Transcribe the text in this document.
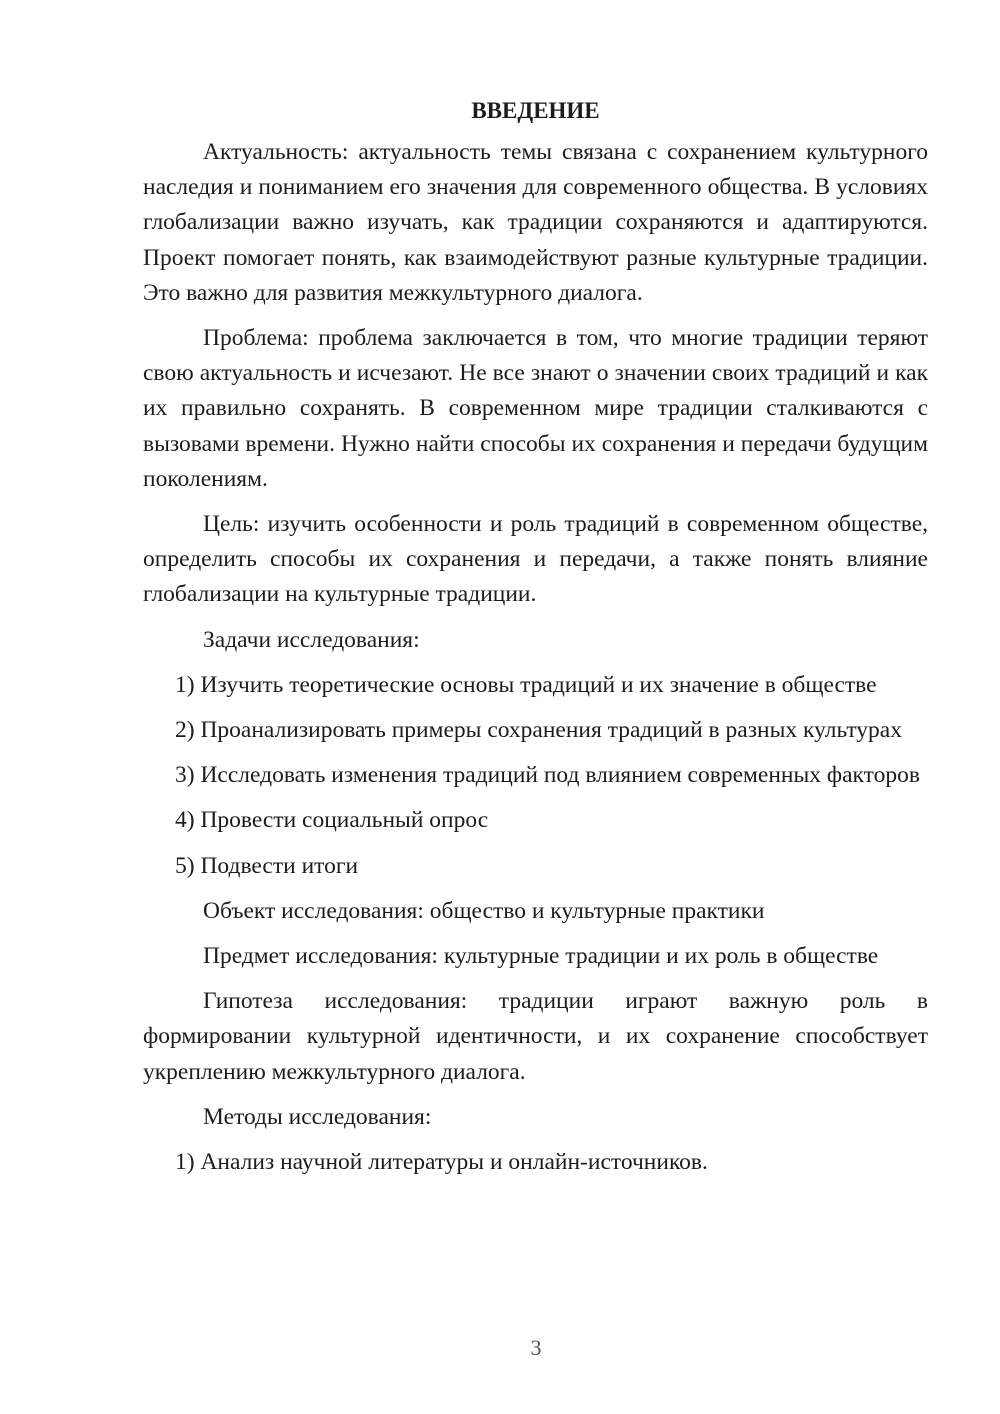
ВВЕДЕНИЕ

Актуальность: актуальность темы связана с сохранением культурного наследия и пониманием его значения для современного общества. В условиях глобализации важно изучать, как традиции сохраняются и адаптируются. Проект помогает понять, как взаимодействуют разные культурные традиции. Это важно для развития межкультурного диалога.

Проблема: проблема заключается в том, что многие традиции теряют свою актуальность и исчезают. Не все знают о значении своих традиций и как их правильно сохранять. В современном мире традиции сталкиваются с вызовами времени. Нужно найти способы их сохранения и передачи будущим поколениям.

Цель: изучить особенности и роль традиций в современном обществе, определить способы их сохранения и передачи, а также понять влияние глобализации на культурные традиции.

Задачи исследования:

1) Изучить теоретические основы традиций и их значение в обществе

2) Проанализировать примеры сохранения традиций в разных культурах

3) Исследовать изменения традиций под влиянием современных факторов

4) Провести социальный опрос

5) Подвести итоги

Объект исследования: общество и культурные практики

Предмет исследования: культурные традиции и их роль в обществе

Гипотеза исследования: традиции играют важную роль в формировании культурной идентичности, и их сохранение способствует укреплению межкультурного диалога.

Методы исследования:

1) Анализ научной литературы и онлайн-источников.

3
